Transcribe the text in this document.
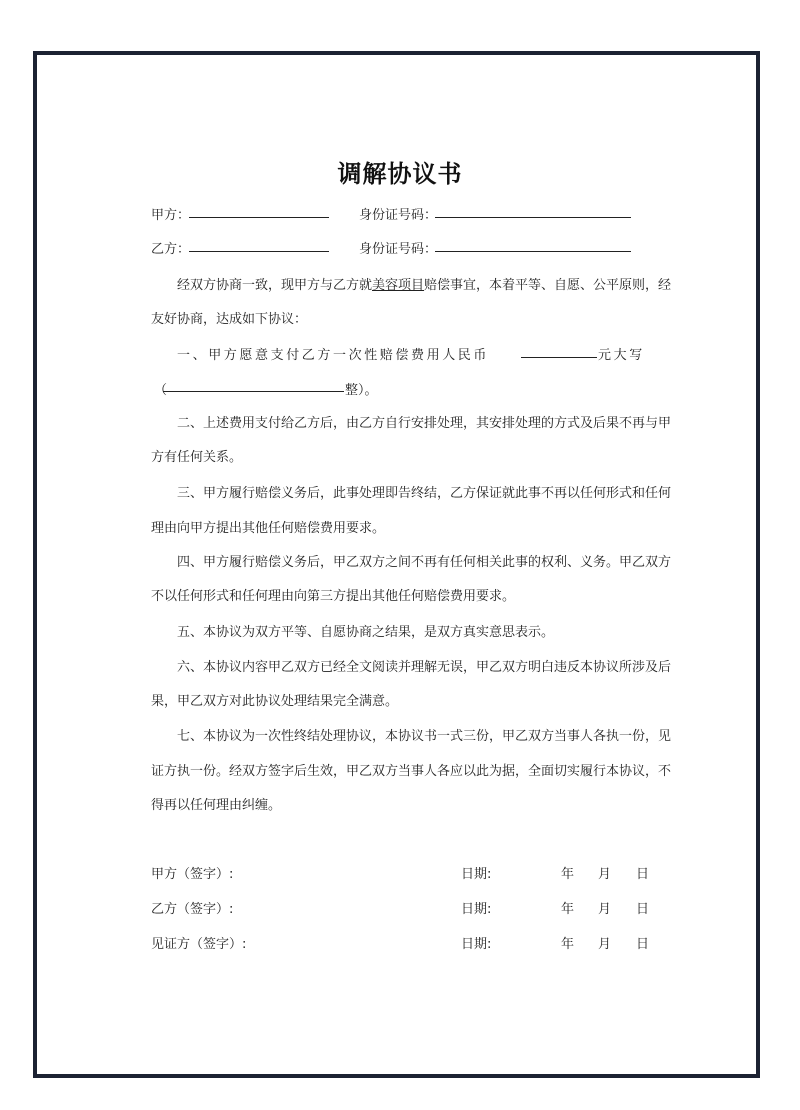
调解协议书
甲方：	身份证号码：
乙方：	身份证号码：
经双方协商一致，现甲方与乙方就美容项目赔偿事宜，本着平等、自愿、公平原则，经
友好协商，达成如下协议：
一、甲方愿意支付乙方一次性赔偿费用人民币	元大写
（	整）。
二、上述费用支付给乙方后，由乙方自行安排处理，其安排处理的方式及后果不再与甲
方有任何关系。
三、甲方履行赔偿义务后，此事处理即告终结，乙方保证就此事不再以任何形式和任何
理由向甲方提出其他任何赔偿费用要求。
四、甲方履行赔偿义务后，甲乙双方之间不再有任何相关此事的权利、义务。甲乙双方
不以任何形式和任何理由向第三方提出其他任何赔偿费用要求。
五、本协议为双方平等、自愿协商之结果，是双方真实意思表示。
六、本协议内容甲乙双方已经全文阅读并理解无误，甲乙双方明白违反本协议所涉及后
果，甲乙双方对此协议处理结果完全满意。
七、本协议为一次性终结处理协议，本协议书一式三份，甲乙双方当事人各执一份，见
证方执一份。经双方签字后生效，甲乙双方当事人各应以此为据，全面切实履行本协议，不
得再以任何理由纠缠。
甲方（签字）:	日期:	年 月 日
乙方（签字）:	日期:	年 月 日
见证方（签字）:	日期:	年 月 日
